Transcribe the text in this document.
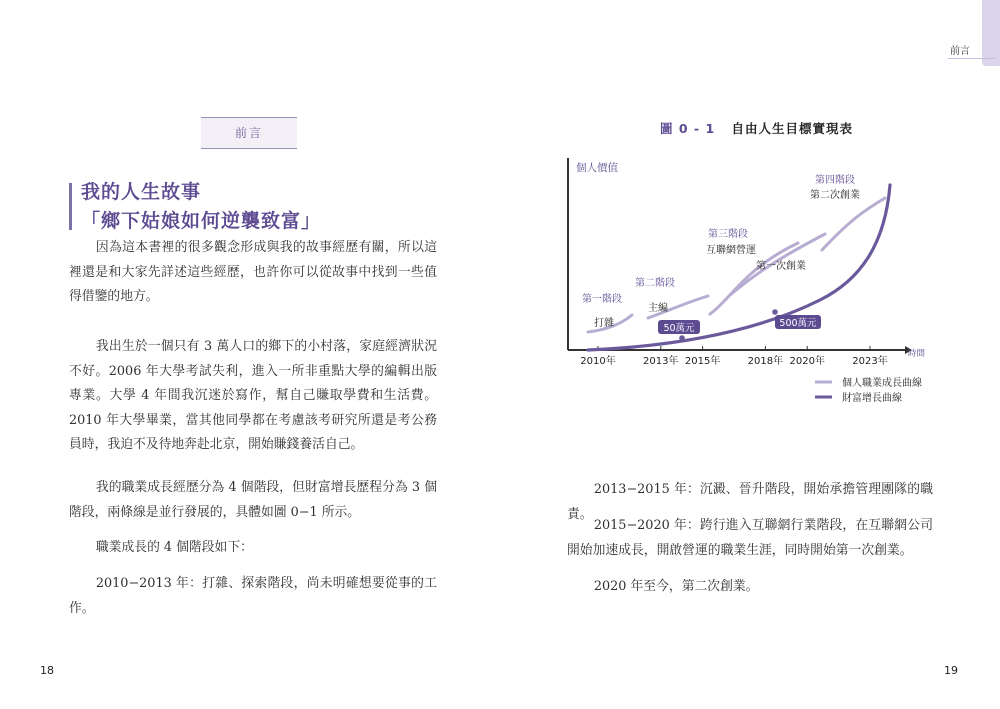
前言
我的人生故事
「鄉下姑娘如何逆襲致富」

因為這本書裡的很多觀念形成與我的故事經歷有關，所以這裡還是和大家先詳述這些經歷，也許你可以從故事中找到一些值得借鑒的地方。

我出生於一個只有 3 萬人口的鄉下的小村落，家庭經濟狀況不好。2006 年大學考試失利，進入一所非重點大學的編輯出版專業。大學 4 年間我沉迷於寫作，幫自己賺取學費和生活費。2010 年大學畢業，當其他同學都在考慮該考研究所還是考公務員時，我迫不及待地奔赴北京，開始賺錢養活自己。

我的職業成長經歷分為 4 個階段，但財富增長歷程分為 3 個階段，兩條線是並行發展的，具體如圖 0−1 所示。

職業成長的 4 個階段如下：

2010−2013 年：打雜、探索階段，尚未明確想要從事的工作。

18
前言
圖 0 - 1 自由人生目標實現表
個人價值
時間
2010年	2013年 2015年	2018年 2020年	2023年
第一階段
打雜
第二階段
主編
第三階段
互聯網營運
第一次創業
第四階段
第二次創業
50萬元	500萬元
個人職業成長曲線
財富增長曲線

2013−2015 年：沉澱、晉升階段，開始承擔管理團隊的職責。

2015−2020 年：跨行進入互聯網行業階段，在互聯網公司開始加速成長，開啟營運的職業生涯，同時開始第一次創業。

2020 年至今，第二次創業。

19
